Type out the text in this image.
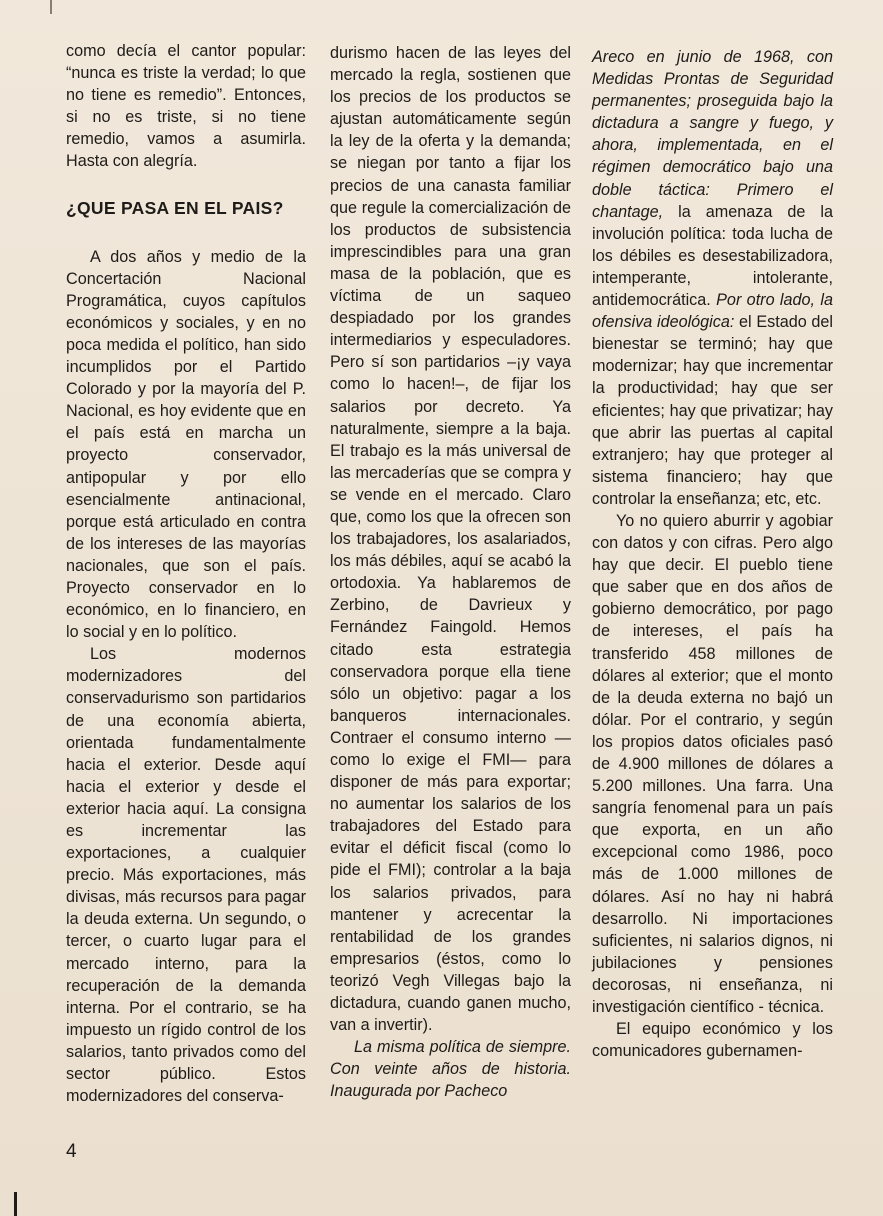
como decía el cantor popular: “nunca es triste la verdad; lo que no tiene es remedio”. Entonces, si no es triste, si no tiene remedio, vamos a asumirla. Hasta con alegría.

¿QUE PASA EN EL PAIS?

A dos años y medio de la Concertación Nacional Programática, cuyos capítulos económicos y sociales, y en no poca medida el político, han sido incumplidos por el Partido Colorado y por la mayoría del P. Nacional, es hoy evidente que en el país está en marcha un proyecto conservador, antipopular y por ello esencialmente antinacional, porque está articulado en contra de los intereses de las mayorías nacionales, que son el país. Proyecto conservador en lo económico, en lo financiero, en lo social y en lo político.

Los modernos modernizadores del conservadurismo son partidarios de una economía abierta, orientada fundamentalmente hacia el exterior. Desde aquí hacia el exterior y desde el exterior hacia aquí. La consigna es incrementar las exportaciones, a cualquier precio. Más exportaciones, más divisas, más recursos para pagar la deuda externa. Un segundo, o tercer, o cuarto lugar para el mercado interno, para la recuperación de la demanda interna. Por el contrario, se ha impuesto un rígido control de los salarios, tanto privados como del sector público. Estos modernizadores del conserva-

durismo hacen de las leyes del mercado la regla, sostienen que los precios de los productos se ajustan automáticamente según la ley de la oferta y la demanda; se niegan por tanto a fijar los precios de una canasta familiar que regule la comercialización de los productos de subsistencia imprescindibles para una gran masa de la población, que es víctima de un saqueo despiadado por los grandes intermediarios y especuladores. Pero sí son partidarios –¡y vaya como lo hacen!–, de fijar los salarios por decreto. Ya naturalmente, siempre a la baja. El trabajo es la más universal de las mercaderías que se compra y se vende en el mercado. Claro que, como los que la ofrecen son los trabajadores, los asalariados, los más débiles, aquí se acabó la ortodoxia. Ya hablaremos de Zerbino, de Davrieux y Fernández Faingold. Hemos citado esta estrategia conservadora porque ella tiene sólo un objetivo: pagar a los banqueros internacionales. Contraer el consumo interno —como lo exige el FMI— para disponer de más para exportar; no aumentar los salarios de los trabajadores del Estado para evitar el déficit fiscal (como lo pide el FMI); controlar a la baja los salarios privados, para mantener y acrecentar la rentabilidad de los grandes empresarios (éstos, como lo teorizó Vegh Villegas bajo la dictadura, cuando ganen mucho, van a invertir).

La misma política de siempre. Con veinte años de historia. Inaugurada por Pacheco

Areco en junio de 1968, con Medidas Prontas de Seguridad permanentes; proseguida bajo la dictadura a sangre y fuego, y ahora, implementada, en el régimen democrático bajo una doble táctica: Primero el chantage, la amenaza de la involución política: toda lucha de los débiles es desestabilizadora, intemperante, intolerante, antidemocrática. Por otro lado, la ofensiva ideológica: el Estado del bienestar se terminó; hay que modernizar; hay que incrementar la productividad; hay que ser eficientes; hay que privatizar; hay que abrir las puertas al capital extranjero; hay que proteger al sistema financiero; hay que controlar la enseñanza; etc, etc.

Yo no quiero aburrir y agobiar con datos y con cifras. Pero algo hay que decir. El pueblo tiene que saber que en dos años de gobierno democrático, por pago de intereses, el país ha transferido 458 millones de dólares al exterior; que el monto de la deuda externa no bajó un dólar. Por el contrario, y según los propios datos oficiales pasó de 4.900 millones de dólares a 5.200 millones. Una farra. Una sangría fenomenal para un país que exporta, en un año excepcional como 1986, poco más de 1.000 millones de dólares. Así no hay ni habrá desarrollo. Ni importaciones suficientes, ni salarios dignos, ni jubilaciones y pensiones decorosas, ni enseñanza, ni investigación científico - técnica.

El equipo económico y los comunicadores gubernamen-

4
